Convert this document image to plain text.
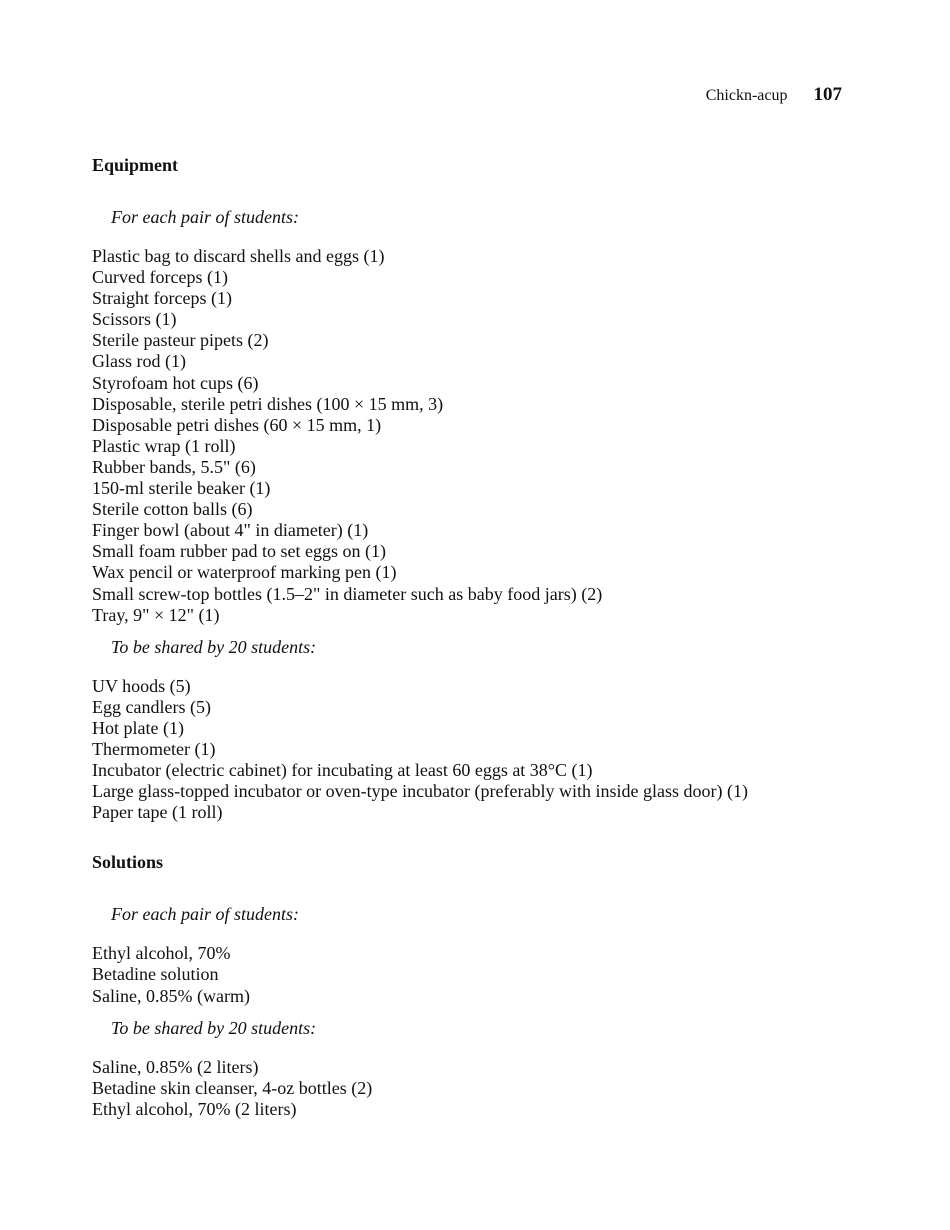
Chickn-acup 107
Equipment
For each pair of students:
Plastic bag to discard shells and eggs (1)
Curved forceps (1)
Straight forceps (1)
Scissors (1)
Sterile pasteur pipets (2)
Glass rod (1)
Styrofoam hot cups (6)
Disposable, sterile petri dishes (100 × 15 mm, 3)
Disposable petri dishes (60 × 15 mm, 1)
Plastic wrap (1 roll)
Rubber bands, 5.5" (6)
150-ml sterile beaker (1)
Sterile cotton balls (6)
Finger bowl (about 4" in diameter) (1)
Small foam rubber pad to set eggs on (1)
Wax pencil or waterproof marking pen (1)
Small screw-top bottles (1.5–2" in diameter such as baby food jars) (2)
Tray, 9" × 12" (1)
To be shared by 20 students:
UV hoods (5)
Egg candlers (5)
Hot plate (1)
Thermometer (1)
Incubator (electric cabinet) for incubating at least 60 eggs at 38°C (1)
Large glass-topped incubator or oven-type incubator (preferably with inside glass door) (1)
Paper tape (1 roll)
Solutions
For each pair of students:
Ethyl alcohol, 70%
Betadine solution
Saline, 0.85% (warm)
To be shared by 20 students:
Saline, 0.85% (2 liters)
Betadine skin cleanser, 4-oz bottles (2)
Ethyl alcohol, 70% (2 liters)
